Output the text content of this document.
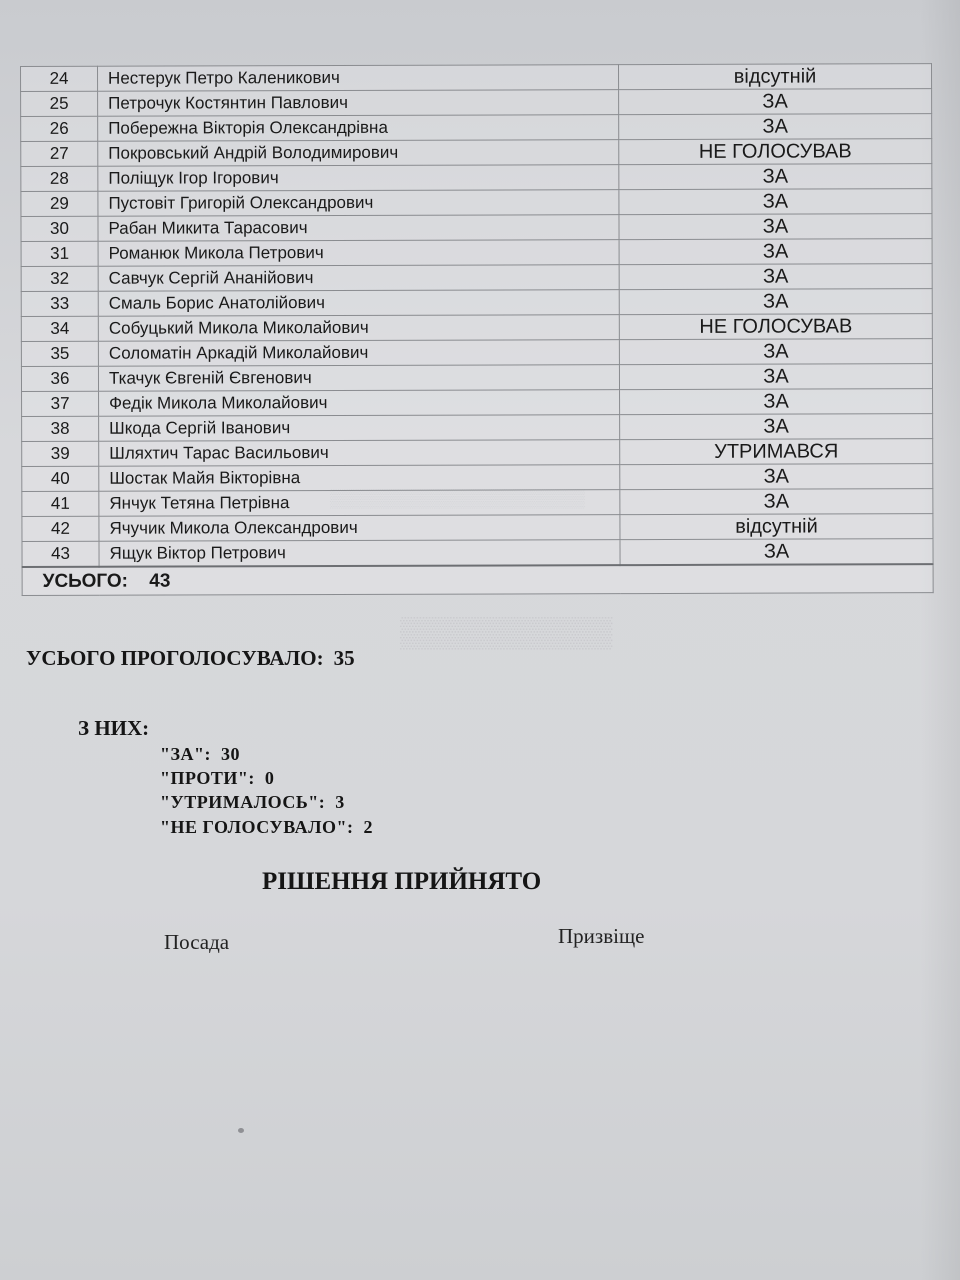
▒▒▒▒▒▒▒▒▒▒▒▒▒▒▒▒▒▒▒▒
▒▒▒▒▒▒▒▒▒▒
24	Нестерук Петро Каленикович	відсутній
25	Петрочук Костянтин Павлович	ЗА
26	Побережна Вікторія Олександрівна	ЗА
27	Покровський Андрій Володимирович	НЕ ГОЛОСУВАВ
28	Поліщук Ігор Ігорович	ЗА
29	Пустовіт Григорій Олександрович	ЗА
30	Рабан Микита Тарасович	ЗА
31	Романюк Микола Петрович	ЗА
32	Савчук Сергій Ананійович	ЗА
33	Смаль Борис Анатолійович	ЗА
34	Собуцький Микола Миколайович	НЕ ГОЛОСУВАВ
35	Соломатін Аркадій Миколайович	ЗА
36	Ткачук Євгеній Євгенович	ЗА
37	Федік Микола Миколайович	ЗА
38	Шкода Сергій Іванович	ЗА
39	Шляхтич Тарас Васильович	УТРИМАВСЯ
40	Шостак Майя Вікторівна	ЗА
41	Янчук Тетяна Петрівна	ЗА
42	Ячучик Микола Олександрович	відсутній
43	Ящук Віктор Петрович	ЗА
УСЬОГО: 43		
УСЬОГО ПРОГОЛОСУВАЛО: 35
З НИХ:
"ЗА": 30
"ПРОТИ": 0
"УТРИМАЛОСЬ": 3
"НЕ ГОЛОСУВАЛО": 2
РІШЕННЯ ПРИЙНЯТО
Посада	Призвіще
